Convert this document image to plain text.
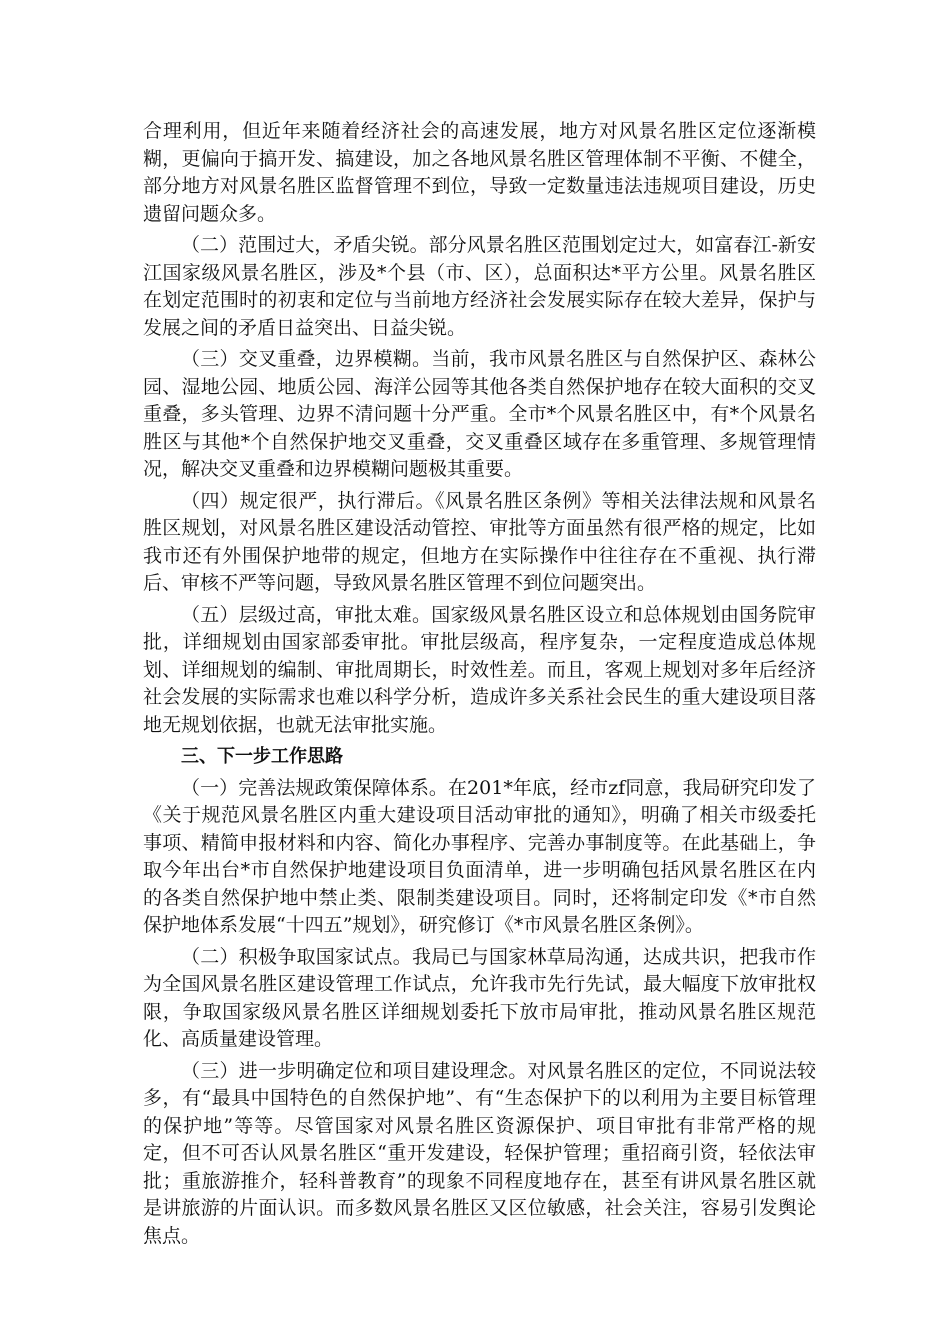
合理利用，但近年来随着经济社会的高速发展，地方对风景名胜区定位逐渐模糊，更偏向于搞开发、搞建设，加之各地风景名胜区管理体制不平衡、不健全，部分地方对风景名胜区监督管理不到位，导致一定数量违法违规项目建设，历史遗留问题众多。

（二）范围过大，矛盾尖锐。部分风景名胜区范围划定过大，如富春江-新安江国家级风景名胜区，涉及*个县（市、区），总面积达*平方公里。风景名胜区在划定范围时的初衷和定位与当前地方经济社会发展实际存在较大差异，保护与发展之间的矛盾日益突出、日益尖锐。

（三）交叉重叠，边界模糊。当前，我市风景名胜区与自然保护区、森林公园、湿地公园、地质公园、海洋公园等其他各类自然保护地存在较大面积的交叉重叠，多头管理、边界不清问题十分严重。全市*个风景名胜区中，有*个风景名胜区与其他*个自然保护地交叉重叠，交叉重叠区域存在多重管理、多规管理情况，解决交叉重叠和边界模糊问题极其重要。

（四）规定很严，执行滞后。《风景名胜区条例》等相关法律法规和风景名胜区规划，对风景名胜区建设活动管控、审批等方面虽然有很严格的规定，比如我市还有外围保护地带的规定，但地方在实际操作中往往存在不重视、执行滞后、审核不严等问题，导致风景名胜区管理不到位问题突出。

（五）层级过高，审批太难。国家级风景名胜区设立和总体规划由国务院审批，详细规划由国家部委审批。审批层级高，程序复杂，一定程度造成总体规划、详细规划的编制、审批周期长，时效性差。而且，客观上规划对多年后经济社会发展的实际需求也难以科学分析，造成许多关系社会民生的重大建设项目落地无规划依据，也就无法审批实施。

三、下一步工作思路

（一）完善法规政策保障体系。在201*年底，经市zf同意，我局研究印发了《关于规范风景名胜区内重大建设项目活动审批的通知》，明确了相关市级委托事项、精简申报材料和内容、简化办事程序、完善办事制度等。在此基础上，争取今年出台*市自然保护地建设项目负面清单，进一步明确包括风景名胜区在内的各类自然保护地中禁止类、限制类建设项目。同时，还将制定印发《*市自然保护地体系发展“十四五”规划》，研究修订《*市风景名胜区条例》。

（二）积极争取国家试点。我局已与国家林草局沟通，达成共识，把我市作为全国风景名胜区建设管理工作试点，允许我市先行先试，最大幅度下放审批权限，争取国家级风景名胜区详细规划委托下放市局审批，推动风景名胜区规范化、高质量建设管理。

（三）进一步明确定位和项目建设理念。对风景名胜区的定位，不同说法较多，有“最具中国特色的自然保护地”、有“生态保护下的以利用为主要目标管理的保护地”等等。尽管国家对风景名胜区资源保护、项目审批有非常严格的规定，但不可否认风景名胜区“重开发建设，轻保护管理；重招商引资，轻依法审批；重旅游推介，轻科普教育”的现象不同程度地存在，甚至有讲风景名胜区就是讲旅游的片面认识。而多数风景名胜区又区位敏感，社会关注，容易引发舆论焦点。
